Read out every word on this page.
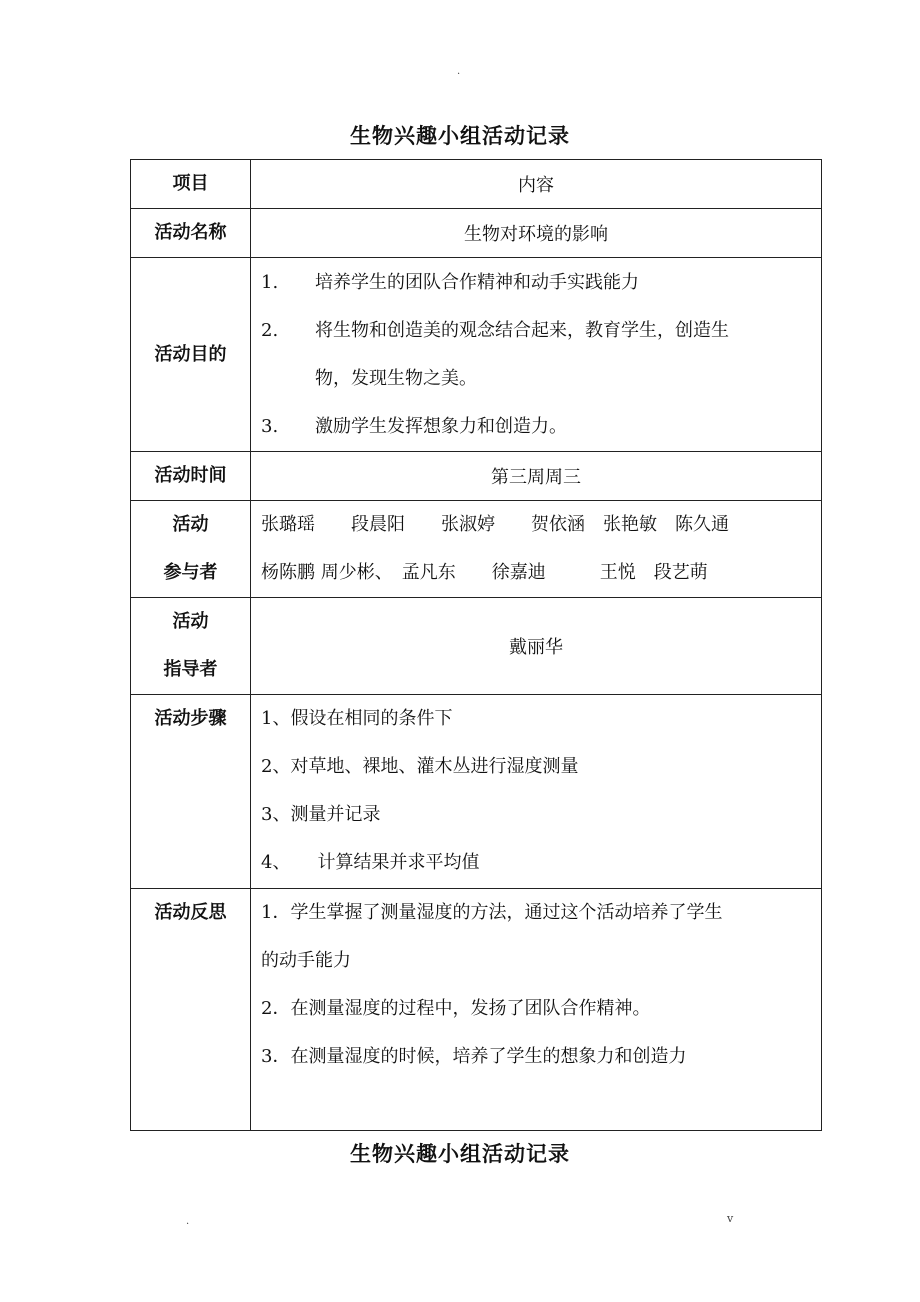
.
生物兴趣小组活动记录
项目	内容
活动名称	生物对环境的影响
活动目的	1. 培养学生的团队合作精神和动手实践能力
2. 将生物和创造美的观念结合起来，教育学生，创造生
物，发现生物之美。
3. 激励学生发挥想象力和创造力。

活动时间	第三周周三

活动
参与者	张璐瑶　　段晨阳　　张淑婷　　贺依涵　张艳敏　陈久通
杨陈鹏 周少彬、　孟凡东　　徐嘉迪　　　王悦　段艺萌

活动
指导者	戴丽华
活动步骤	1、假设在相同的条件下
2、对草地、裸地、灌木丛进行湿度测量
3、测量并记录
4、　　计算结果并求平均值

活动反思	1．学生掌握了测量湿度的方法，通过这个活动培养了学生
的动手能力
2．在测量湿度的过程中，发扬了团队合作精神。
3．在测量湿度的时候，培养了学生的想象力和创造力
生物兴趣小组活动记录
.	v
